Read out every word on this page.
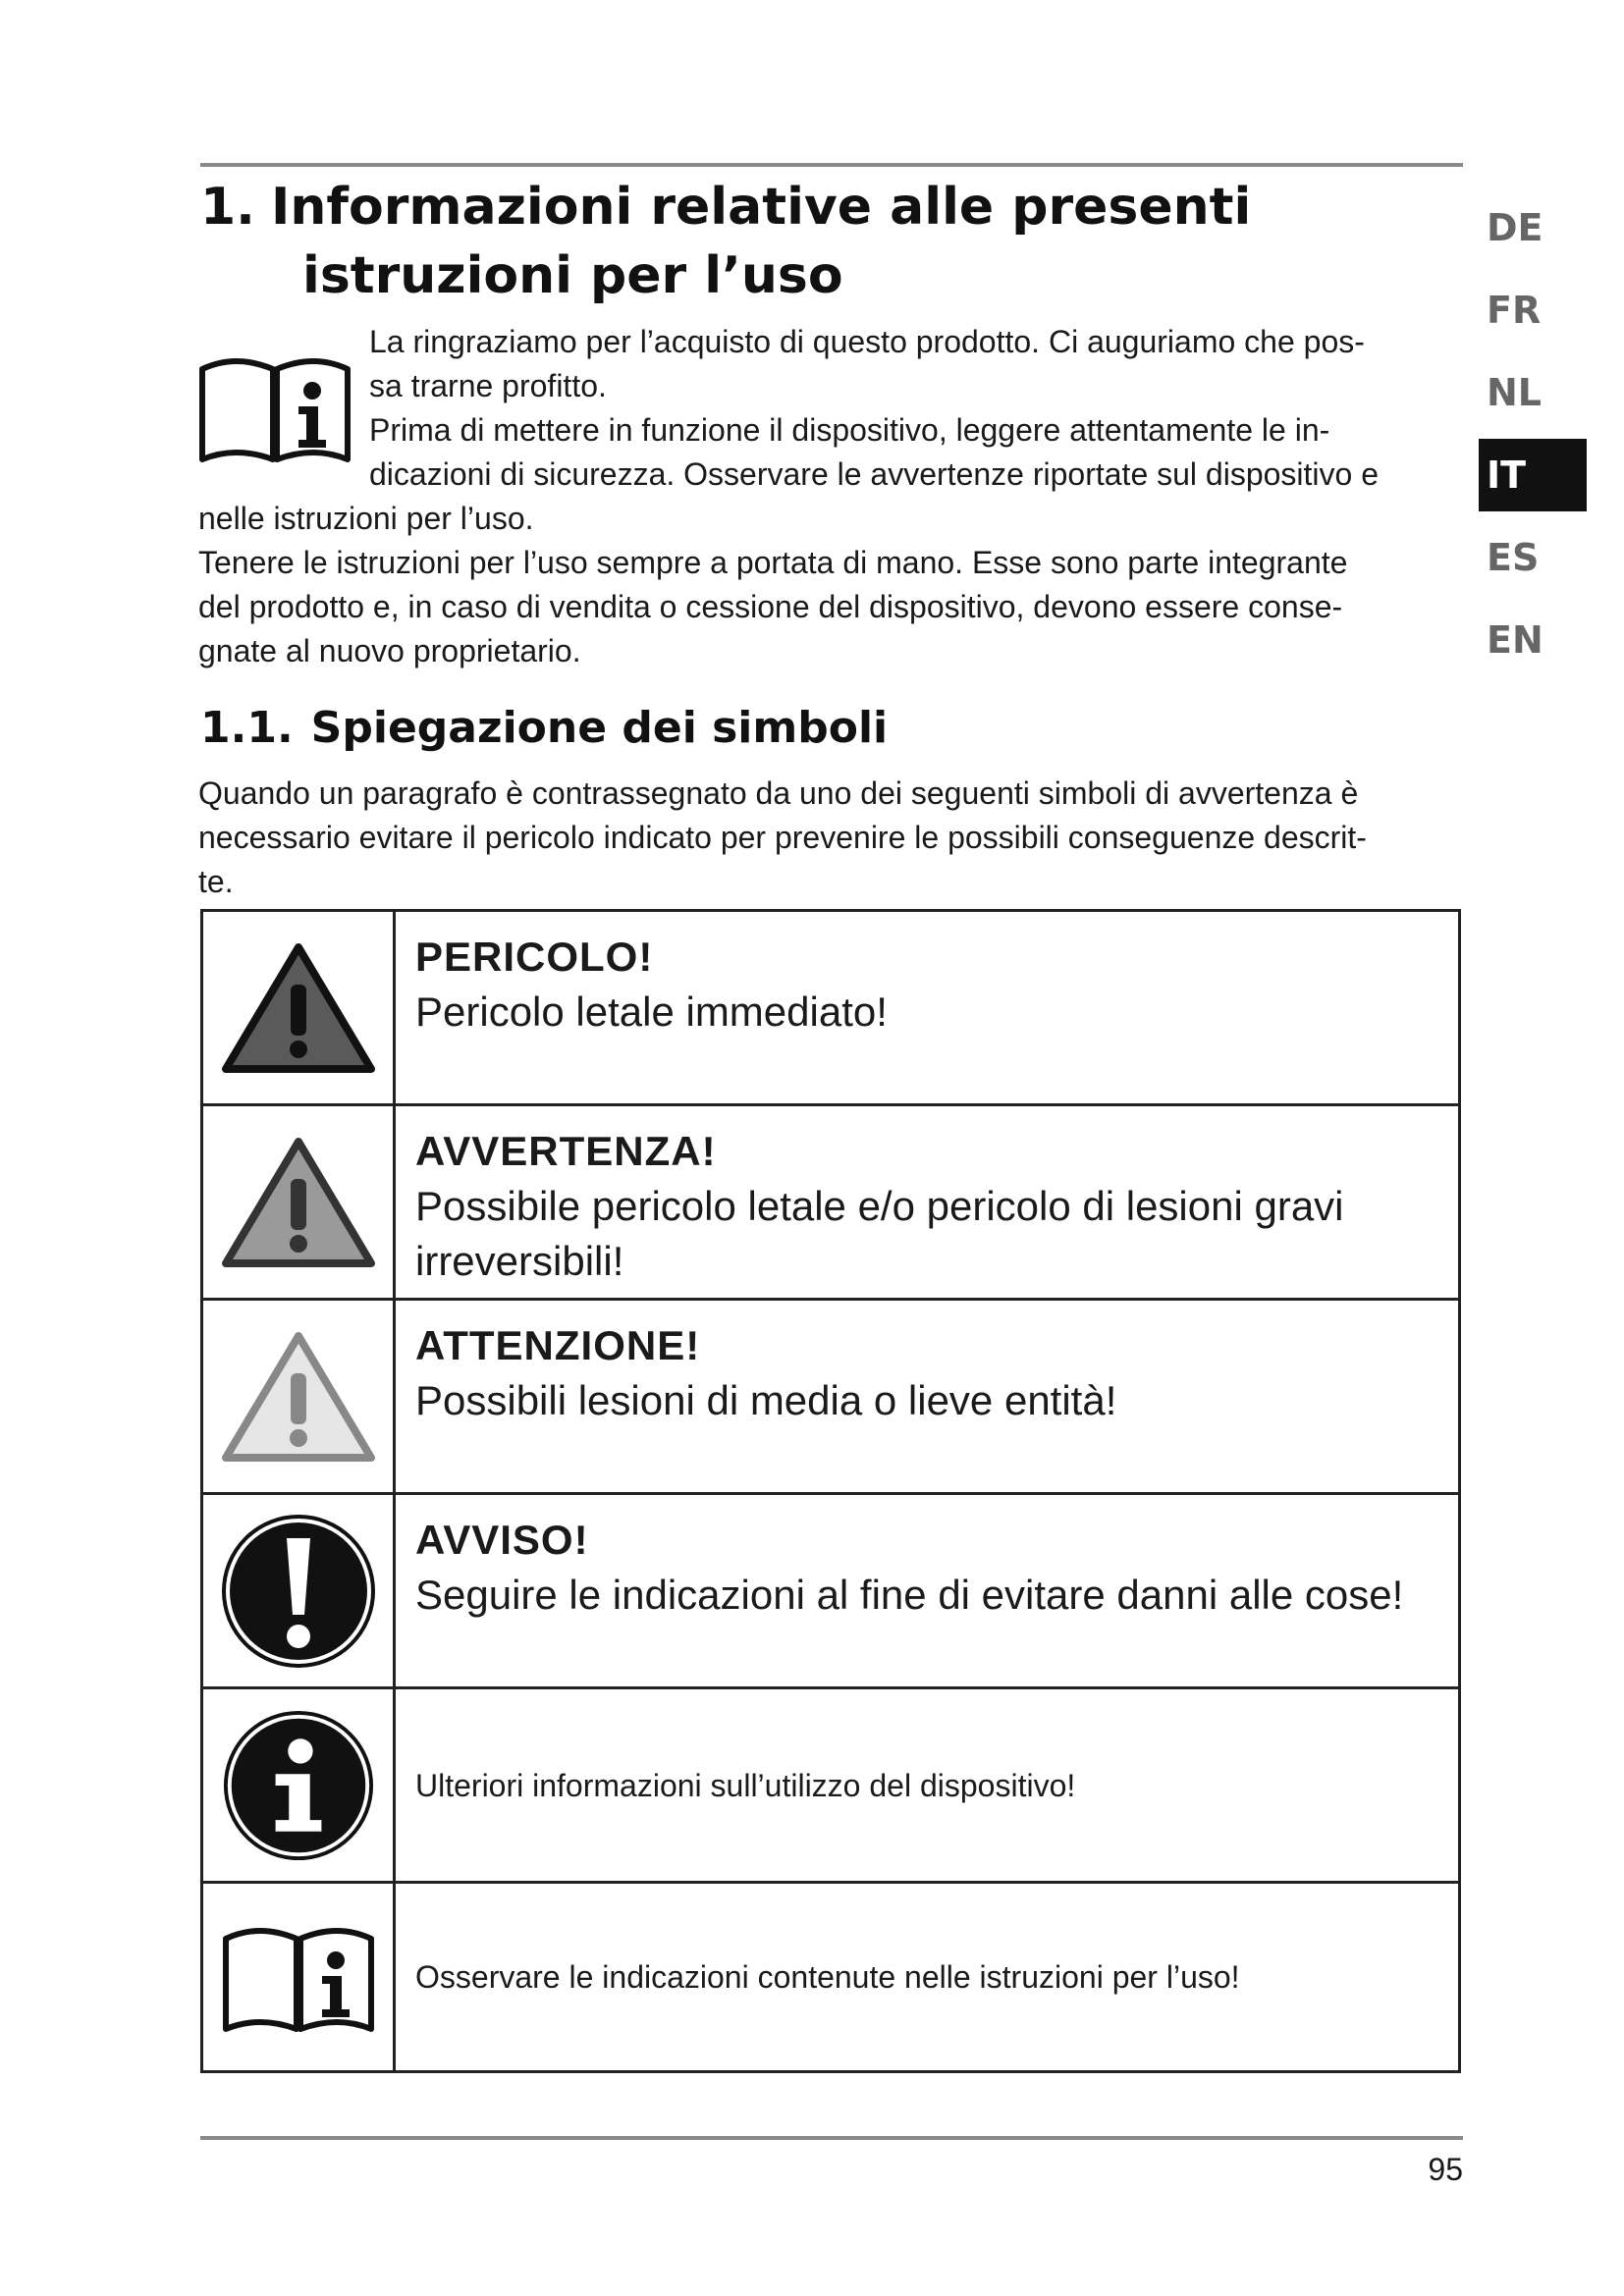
1. Informazioni relative alle presenti
istruzioni per l’uso
La ringraziamo per l’acquisto di questo prodotto. Ci auguriamo che pos-
sa trarne profitto.
Prima di mettere in funzione il dispositivo, leggere attentamente le in-
dicazioni di sicurezza. Osservare le avvertenze riportate sul dispositivo e
nelle istruzioni per l’uso.
Tenere le istruzioni per l’uso sempre a portata di mano. Esse sono parte integrante
del prodotto e, in caso di vendita o cessione del dispositivo, devono essere conse-
gnate al nuovo proprietario.
1.1. Spiegazione dei simboli
Quando un paragrafo è contrassegnato da uno dei seguenti simboli di avvertenza è
necessario evitare il pericolo indicato per prevenire le possibili conseguenze descrit-
te.
PERICOLO!
Pericolo letale immediato!
AVVERTENZA!
Possibile pericolo letale e/o pericolo di lesioni gravi irreversibili!
ATTENZIONE!
Possibili lesioni di media o lieve entità!
AVVISO!
Seguire le indicazioni al fine di evitare danni alle cose!
Ulteriori informazioni sull’utilizzo del dispositivo!
Osservare le indicazioni contenute nelle istruzioni per l’uso!
DE
FR
NL
IT
ES
EN
95
